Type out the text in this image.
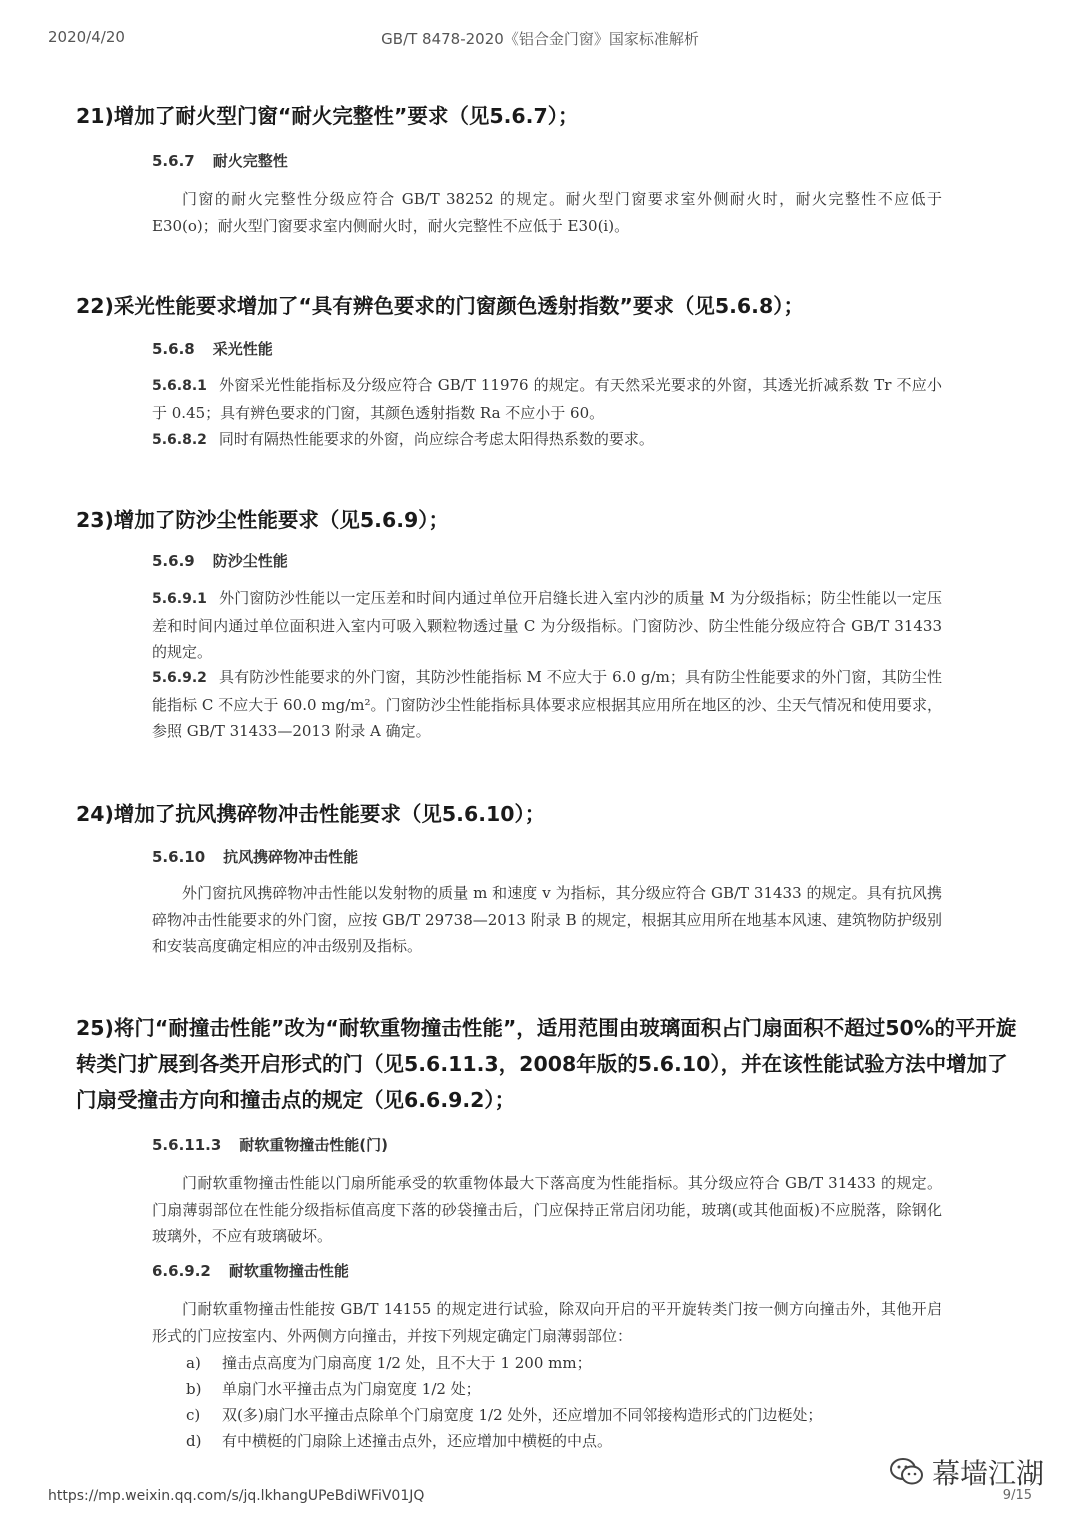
2020/4/20	GB/T 8478-2020《铝合金门窗》国家标准解析
21)增加了耐火型门窗“耐火完整性”要求（见5.6.7）；
5.6.7 耐火完整性
门窗的耐火完整性分级应符合 GB/T 38252 的规定。耐火型门窗要求室外侧耐火时，耐火完整性不应低于 E30(o)；耐火型门窗要求室内侧耐火时，耐火完整性不应低于 E30(i)。
22)采光性能要求增加了“具有辨色要求的门窗颜色透射指数”要求（见5.6.8）；
5.6.8 采光性能
5.6.8.1 外窗采光性能指标及分级应符合 GB/T 11976 的规定。有天然采光要求的外窗，其透光折减系数 Tr 不应小于 0.45；具有辨色要求的门窗，其颜色透射指数 Ra 不应小于 60。
5.6.8.2 同时有隔热性能要求的外窗，尚应综合考虑太阳得热系数的要求。
23)增加了防沙尘性能要求（见5.6.9）；
5.6.9 防沙尘性能
5.6.9.1 外门窗防沙性能以一定压差和时间内通过单位开启缝长进入室内沙的质量 M 为分级指标；防尘性能以一定压差和时间内通过单位面积进入室内可吸入颗粒物透过量 C 为分级指标。门窗防沙、防尘性能分级应符合 GB/T 31433 的规定。
5.6.9.2 具有防沙性能要求的外门窗，其防沙性能指标 M 不应大于 6.0 g/m；具有防尘性能要求的外门窗，其防尘性能指标 C 不应大于 60.0 mg/m²。门窗防沙尘性能指标具体要求应根据其应用所在地区的沙、尘天气情况和使用要求，参照 GB/T 31433—2013 附录 A 确定。
24)增加了抗风携碎物冲击性能要求（见5.6.10）；
5.6.10 抗风携碎物冲击性能
外门窗抗风携碎物冲击性能以发射物的质量 m 和速度 v 为指标，其分级应符合 GB/T 31433 的规定。具有抗风携碎物冲击性能要求的外门窗，应按 GB/T 29738—2013 附录 B 的规定，根据其应用所在地基本风速、建筑物防护级别和安装高度确定相应的冲击级别及指标。
25)将门“耐撞击性能”改为“耐软重物撞击性能”，适用范围由玻璃面积占门扇面积不超过50%的平开旋转类门扩展到各类开启形式的门（见5.6.11.3，2008年版的5.6.10），并在该性能试验方法中增加了门扇受撞击方向和撞击点的规定（见6.6.9.2）；
5.6.11.3 耐软重物撞击性能(门)
门耐软重物撞击性能以门扇所能承受的软重物体最大下落高度为性能指标。其分级应符合 GB/T 31433 的规定。门扇薄弱部位在性能分级指标值高度下落的砂袋撞击后，门应保持正常启闭功能，玻璃(或其他面板)不应脱落，除钢化玻璃外，不应有玻璃破坏。
6.6.9.2 耐软重物撞击性能
门耐软重物撞击性能按 GB/T 14155 的规定进行试验，除双向开启的平开旋转类门按一侧方向撞击外，其他开启形式的门应按室内、外两侧方向撞击，并按下列规定确定门扇薄弱部位：
a) 撞击点高度为门扇高度 1/2 处，且不大于 1 200 mm；
b) 单扇门水平撞击点为门扇宽度 1/2 处；
c) 双(多)扇门水平撞击点除单个门扇宽度 1/2 处外，还应增加不同邻接构造形式的门边梃处；
d) 有中横梃的门扇除上述撞击点外，还应增加中横梃的中点。
https://mp.weixin.qq.com/s/jq.lkhangUPeBdiWFiV01JQ	9/15
幕墙江湖
